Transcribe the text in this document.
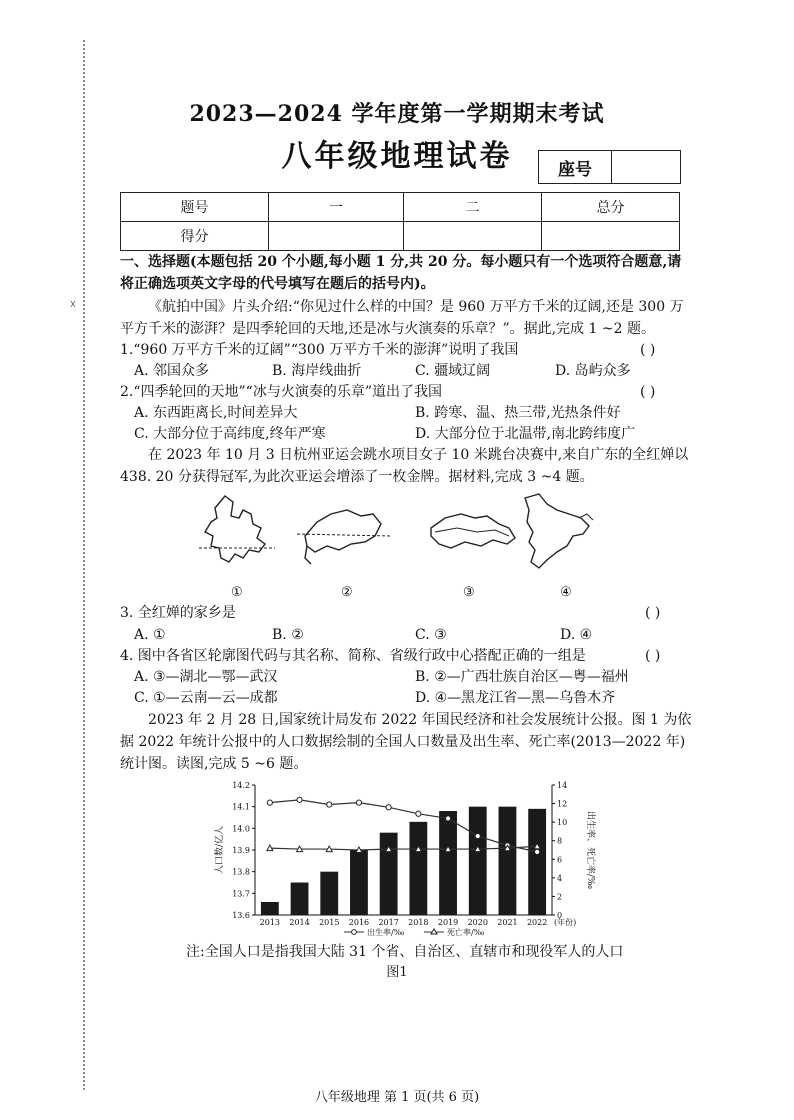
☓
2023—2024 学年度第一学期期末考试
八年级地理试卷	座号	
题号	一	二	总分
得分			
一、选择题(本题包括 20 个小题,每小题 1 分,共 20 分。每小题只有一个选项符合题意,请
将正确选项英文字母的代号填写在题后的括号内)。
《航拍中国》片头介绍:“你见过什么样的中国？是 960 万平方千米的辽阔,还是 300 万
平方千米的澎湃？是四季轮回的天地,还是冰与火演奏的乐章？”。据此,完成 1 ~2 题。
1.“960 万平方千米的辽阔”“300 万平方千米的澎湃”说明了我国	( )
A. 邻国众多	B. 海岸线曲折	C. 疆域辽阔	D. 岛屿众多
2.“四季轮回的天地”“冰与火演奏的乐章”道出了我国	( )
A. 东西距离长,时间差异大	B. 跨寒、温、热三带,光热条件好
C. 大部分位于高纬度,终年严寒	D. 大部分位于北温带,南北跨纬度广
在 2023 年 10 月 3 日杭州亚运会跳水项目女子 10 米跳台决赛中,来自广东的全红婵以
438. 20 分获得冠军,为此次亚运会增添了一枚金牌。据材料,完成 3 ~4 题。
①	②	③	④
3. 全红婵的家乡是	( )
A. ①	B. ②	C. ③	D. ④
4. 图中各省区轮廓图代码与其名称、简称、省级行政中心搭配正确的一组是	( )
A. ③—湖北—鄂—武汉	B. ②—广西壮族自治区—粤—福州
C. ①—云南—云—成都	D. ④—黑龙江省—黑—乌鲁木齐
2023 年 2 月 28 日,国家统计局发布 2022 年国民经济和社会发展统计公报。图 1 为依
据 2022 年统计公报中的人口数据绘制的全国人口数量及出生率、死亡率(2013—2022 年)
统计图。读图,完成 5 ~6 题。
13.6
13.7
13.8
13.9
14.0
14.1
14.2
0
2
4
6
8
10
12
14
2013 2014 2015 2016 2017 2018 2019 2020 2021 2022 (年份)
人口数/亿人	出生率、死亡率/‰
出生率/‰	死亡率/‰
注:全国人口是指我国大陆 31 个省、自治区、直辖市和现役军人的人口
图1
八年级地理 第 1 页(共 6 页)
